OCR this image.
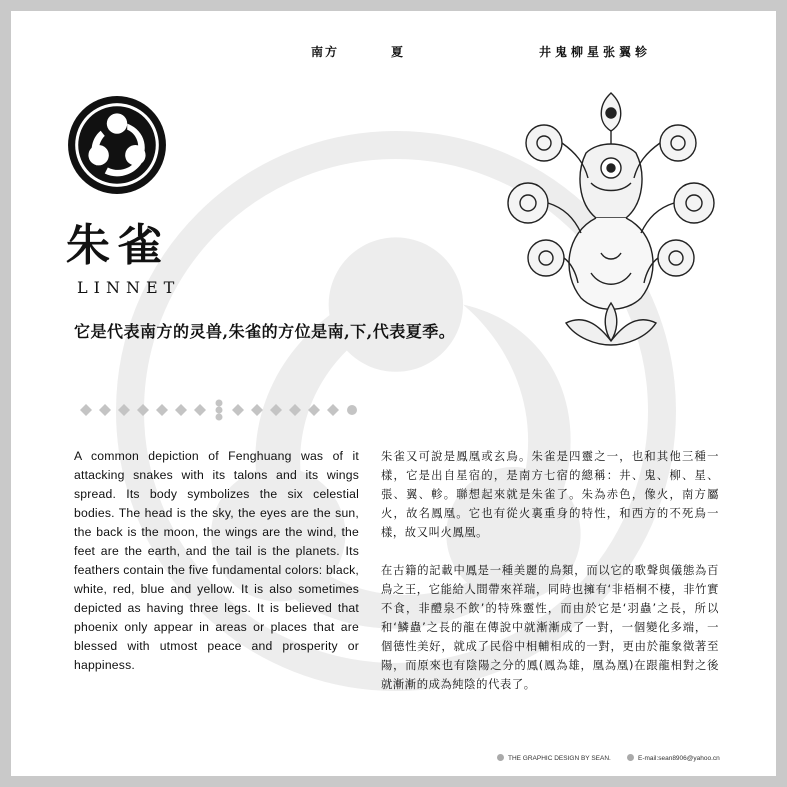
南方	夏	井鬼柳星张翼轸
朱雀
LINNET
它是代表南方的灵兽,朱雀的方位是南,下,代表夏季。
A common depiction of Fenghuang was of it attacking snakes with its talons and its wings spread. Its body symbolizes the six celestial bodies. The head is the sky, the eyes are the sun, the back is the moon, the wings are the wind, the feet are the earth, and the tail is the planets. Its feathers contain the five fundamental colors: black, white, red, blue and yellow. It is also sometimes depicted as having three legs. It is believed that phoenix only appear in areas or places that are blessed with utmost peace and prosperity or happiness.

朱雀又可說是鳳凰或玄鳥。朱雀是四靈之一，也和其他三種一樣，它是出自星宿的，是南方七宿的總稱：井、鬼、柳、星、張、翼、軫。聯想起來就是朱雀了。朱為赤色，像火，南方屬火，故名鳳凰。它也有從火裏重身的特性，和西方的不死鳥一樣，故又叫火鳳凰。

在古籍的記載中鳳是一種美麗的鳥類，而以它的歌聲與儀態為百鳥之王，它能給人間帶來祥瑞，同時也擁有‘非梧桐不棲，非竹實不食，非醴泉不飲’的特殊靈性，而由於它是‘羽蟲’之長，所以和‘鱗蟲’之長的龍在傳說中就漸漸成了一對，一個變化多端，一個德性美好，就成了民俗中相輔相成的一對，更由於龍象徵著至陽，而原來也有陰陽之分的鳳(鳳為雄，凰為凰)在跟龍相對之後就漸漸的成為純陰的代表了。

THE GRAPHIC DESIGN BY SEAN.	E-mail:sean8906@yahoo.cn
